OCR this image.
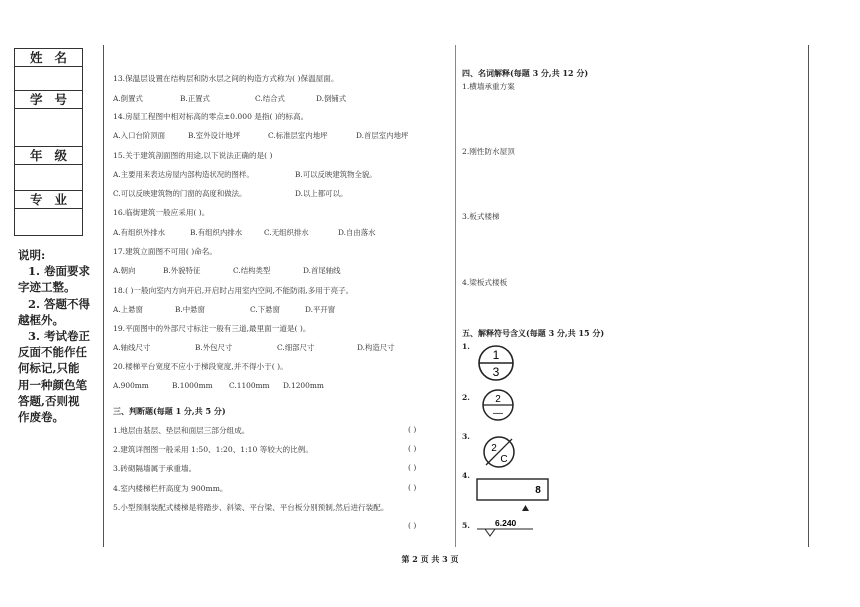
姓名
学号
年级
专业
说明:
1. 卷面要求
字迹工整。
2. 答题不得
越框外。
3. 考试卷正
反面不能作任
何标记,只能
用一种颜色笔
答题,否则视
作废卷。
13.保温层设置在结构层和防水层之间的构造方式称为( )保温屋面。
A.倒置式	B.正置式	C.结合式	D.倒铺式
14.房屋工程图中相对标高的零点±0.000 是指( )的标高。
A.入口台阶顶面	B.室外设计地坪	C.标准层室内地坪	D.首层室内地坪
15.关于建筑剖面图的用途,以下说法正确的是( )
A.主要用来表达房屋内部构造状况的图样。	B.可以反映建筑物全貌。
C.可以反映建筑物的门窗的高度和做法。	D.以上都可以。
16.临街建筑一般应采用( )。
A.有组织外排水	B.有组织内排水	C.无组织排水	D.自由落水
17.建筑立面图不可用( )命名。
A.朝向	B.外貌特征	C.结构类型	D.首尾轴线
18.( )一般向室内方向开启,开启时占用室内空间,不能防雨,多用于亮子。
A.上悬窗	B.中悬窗	C.下悬窗	D.平开窗
19.平面图中的外部尺寸标注一般有三道,最里面一道是( )。
A.轴线尺寸	B.外包尺寸	C.细部尺寸	D.构造尺寸
20.楼梯平台宽度不应小于梯段宽度,并不得小于( )。
A.900mm	B.1000mm C.1100mm D.1200mm
三、判断题(每题 1 分,共 5 分)
1.地层由基层、垫层和面层三部分组成。	( )
2.建筑详图图一般采用 1:50、1:20、1:10 等较大的比例。	( )
3.砖砌隔墙属于承重墙。	( )
4.室内楼梯栏杆高度为 900mm。	( )
5.小型预制装配式楼梯是将踏步、斜梁、平台梁、平台板分别预制,然后进行装配。
( )
四、名词解释(每题 3 分,共 12 分)
1.横墙承重方案
2.刚性防水屋顶
3.板式楼梯
4.梁板式楼板
五、解释符号含义(每题 3 分,共 15 分)
1.
1
3
2.	2
—
3.
2
C
4.
8
5.	6.240
第 2 页 共 3 页
